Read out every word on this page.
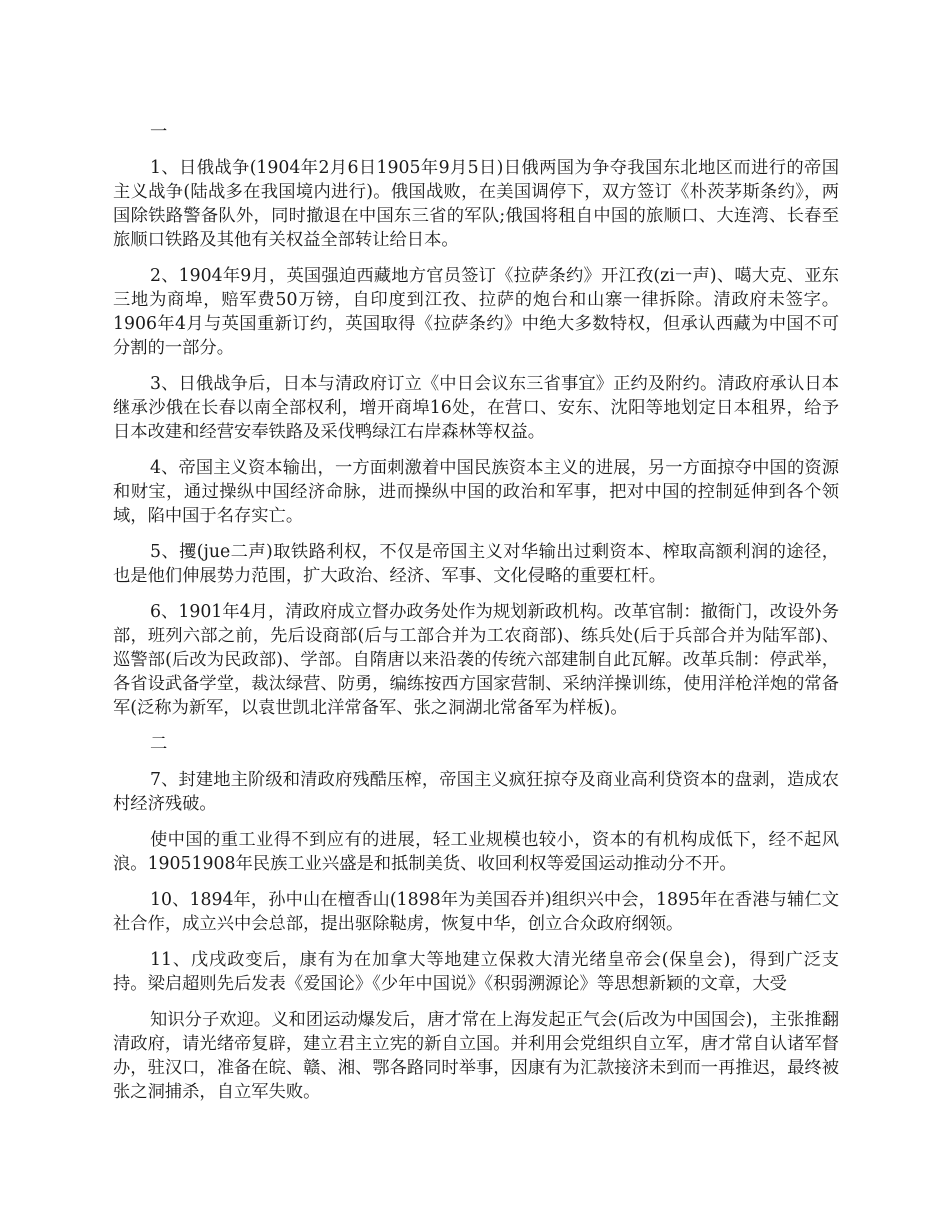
一

1、日俄战争(1904年2月6日1905年9月5日)日俄两国为争夺我国东北地区而进行的帝国主义战争(陆战多在我国境内进行)。俄国战败，在美国调停下，双方签订《朴茨茅斯条约》，两国除铁路警备队外，同时撤退在中国东三省的军队;俄国将租自中国的旅顺口、大连湾、长春至旅顺口铁路及其他有关权益全部转让给日本。

2、1904年9月，英国强迫西藏地方官员签订《拉萨条约》开江孜(zi一声)、噶大克、亚东三地为商埠，赔军费50万镑，自印度到江孜、拉萨的炮台和山寨一律拆除。清政府未签字。1906年4月与英国重新订约，英国取得《拉萨条约》中绝大多数特权，但承认西藏为中国不可分割的一部分。

3、日俄战争后，日本与清政府订立《中日会议东三省事宜》正约及附约。清政府承认日本继承沙俄在长春以南全部权利，增开商埠16处，在营口、安东、沈阳等地划定日本租界，给予日本改建和经营安奉铁路及采伐鸭绿江右岸森林等权益。

4、帝国主义资本输出，一方面刺激着中国民族资本主义的进展，另一方面掠夺中国的资源和财宝，通过操纵中国经济命脉，进而操纵中国的政治和军事，把对中国的控制延伸到各个领域，陷中国于名存实亡。

5、攫(jue二声)取铁路利权，不仅是帝国主义对华输出过剩资本、榨取高额利润的途径，也是他们伸展势力范围，扩大政治、经济、军事、文化侵略的重要杠杆。

6、1901年4月，清政府成立督办政务处作为规划新政机构。改革官制：撤衙门，改设外务部，班列六部之前，先后设商部(后与工部合并为工农商部)、练兵处(后于兵部合并为陆军部)、巡警部(后改为民政部)、学部。自隋唐以来沿袭的传统六部建制自此瓦解。改革兵制：停武举，各省设武备学堂，裁汰绿营、防勇，编练按西方国家营制、采纳洋操训练，使用洋枪洋炮的常备军(泛称为新军，以袁世凯北洋常备军、张之洞湖北常备军为样板)。

二

7、封建地主阶级和清政府残酷压榨，帝国主义疯狂掠夺及商业高利贷资本的盘剥，造成农村经济残破。

使中国的重工业得不到应有的进展，轻工业规模也较小，资本的有机构成低下，经不起风浪。19051908年民族工业兴盛是和抵制美货、收回利权等爱国运动推动分不开。

10、1894年，孙中山在檀香山(1898年为美国吞并)组织兴中会，1895年在香港与辅仁文社合作，成立兴中会总部，提出驱除鞑虏，恢复中华，创立合众政府纲领。

11、戊戌政变后，康有为在加拿大等地建立保救大清光绪皇帝会(保皇会)，得到广泛支持。梁启超则先后发表《爱国论》《少年中国说》《积弱溯源论》等思想新颖的文章，大受

知识分子欢迎。义和团运动爆发后，唐才常在上海发起正气会(后改为中国国会)，主张推翻清政府，请光绪帝复辟，建立君主立宪的新自立国。并利用会党组织自立军，唐才常自认诸军督办，驻汉口，准备在皖、赣、湘、鄂各路同时举事，因康有为汇款接济未到而一再推迟，最终被张之洞捕杀，自立军失败。
